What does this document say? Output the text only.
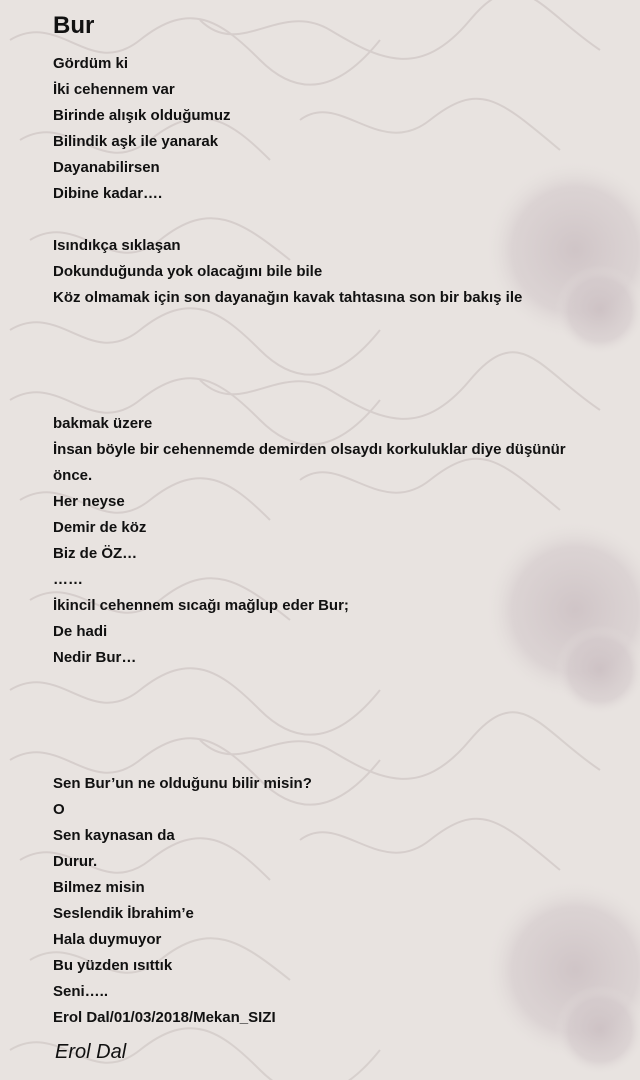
Bur
Gördüm ki
İki cehennem var
Birinde alışık olduğumuz
Bilindik aşk ile yanarak
Dayanabilirsen
Dibine kadar….
Isındıkça sıklaşan
Dokunduğunda yok olacağını bile bile
Köz olmamak için son dayanağın kavak tahtasına son bir bakış ile
bakmak üzere
İnsan böyle bir cehennemde demirden olsaydı korkuluklar diye düşünür
önce.
Her neyse
Demir de köz
Biz de ÖZ…
……
İkincil cehennem sıcağı mağlup eder Bur;
De hadi
Nedir Bur…
Sen Bur’un ne olduğunu bilir misin?
O
Sen kaynasan da
Durur.
Bilmez misin
Seslendik İbrahim’e
Hala duymuyor
Bu yüzden ısıttık
Seni…..
Erol Dal/01/03/2018/Mekan_SIZI
Erol Dal
